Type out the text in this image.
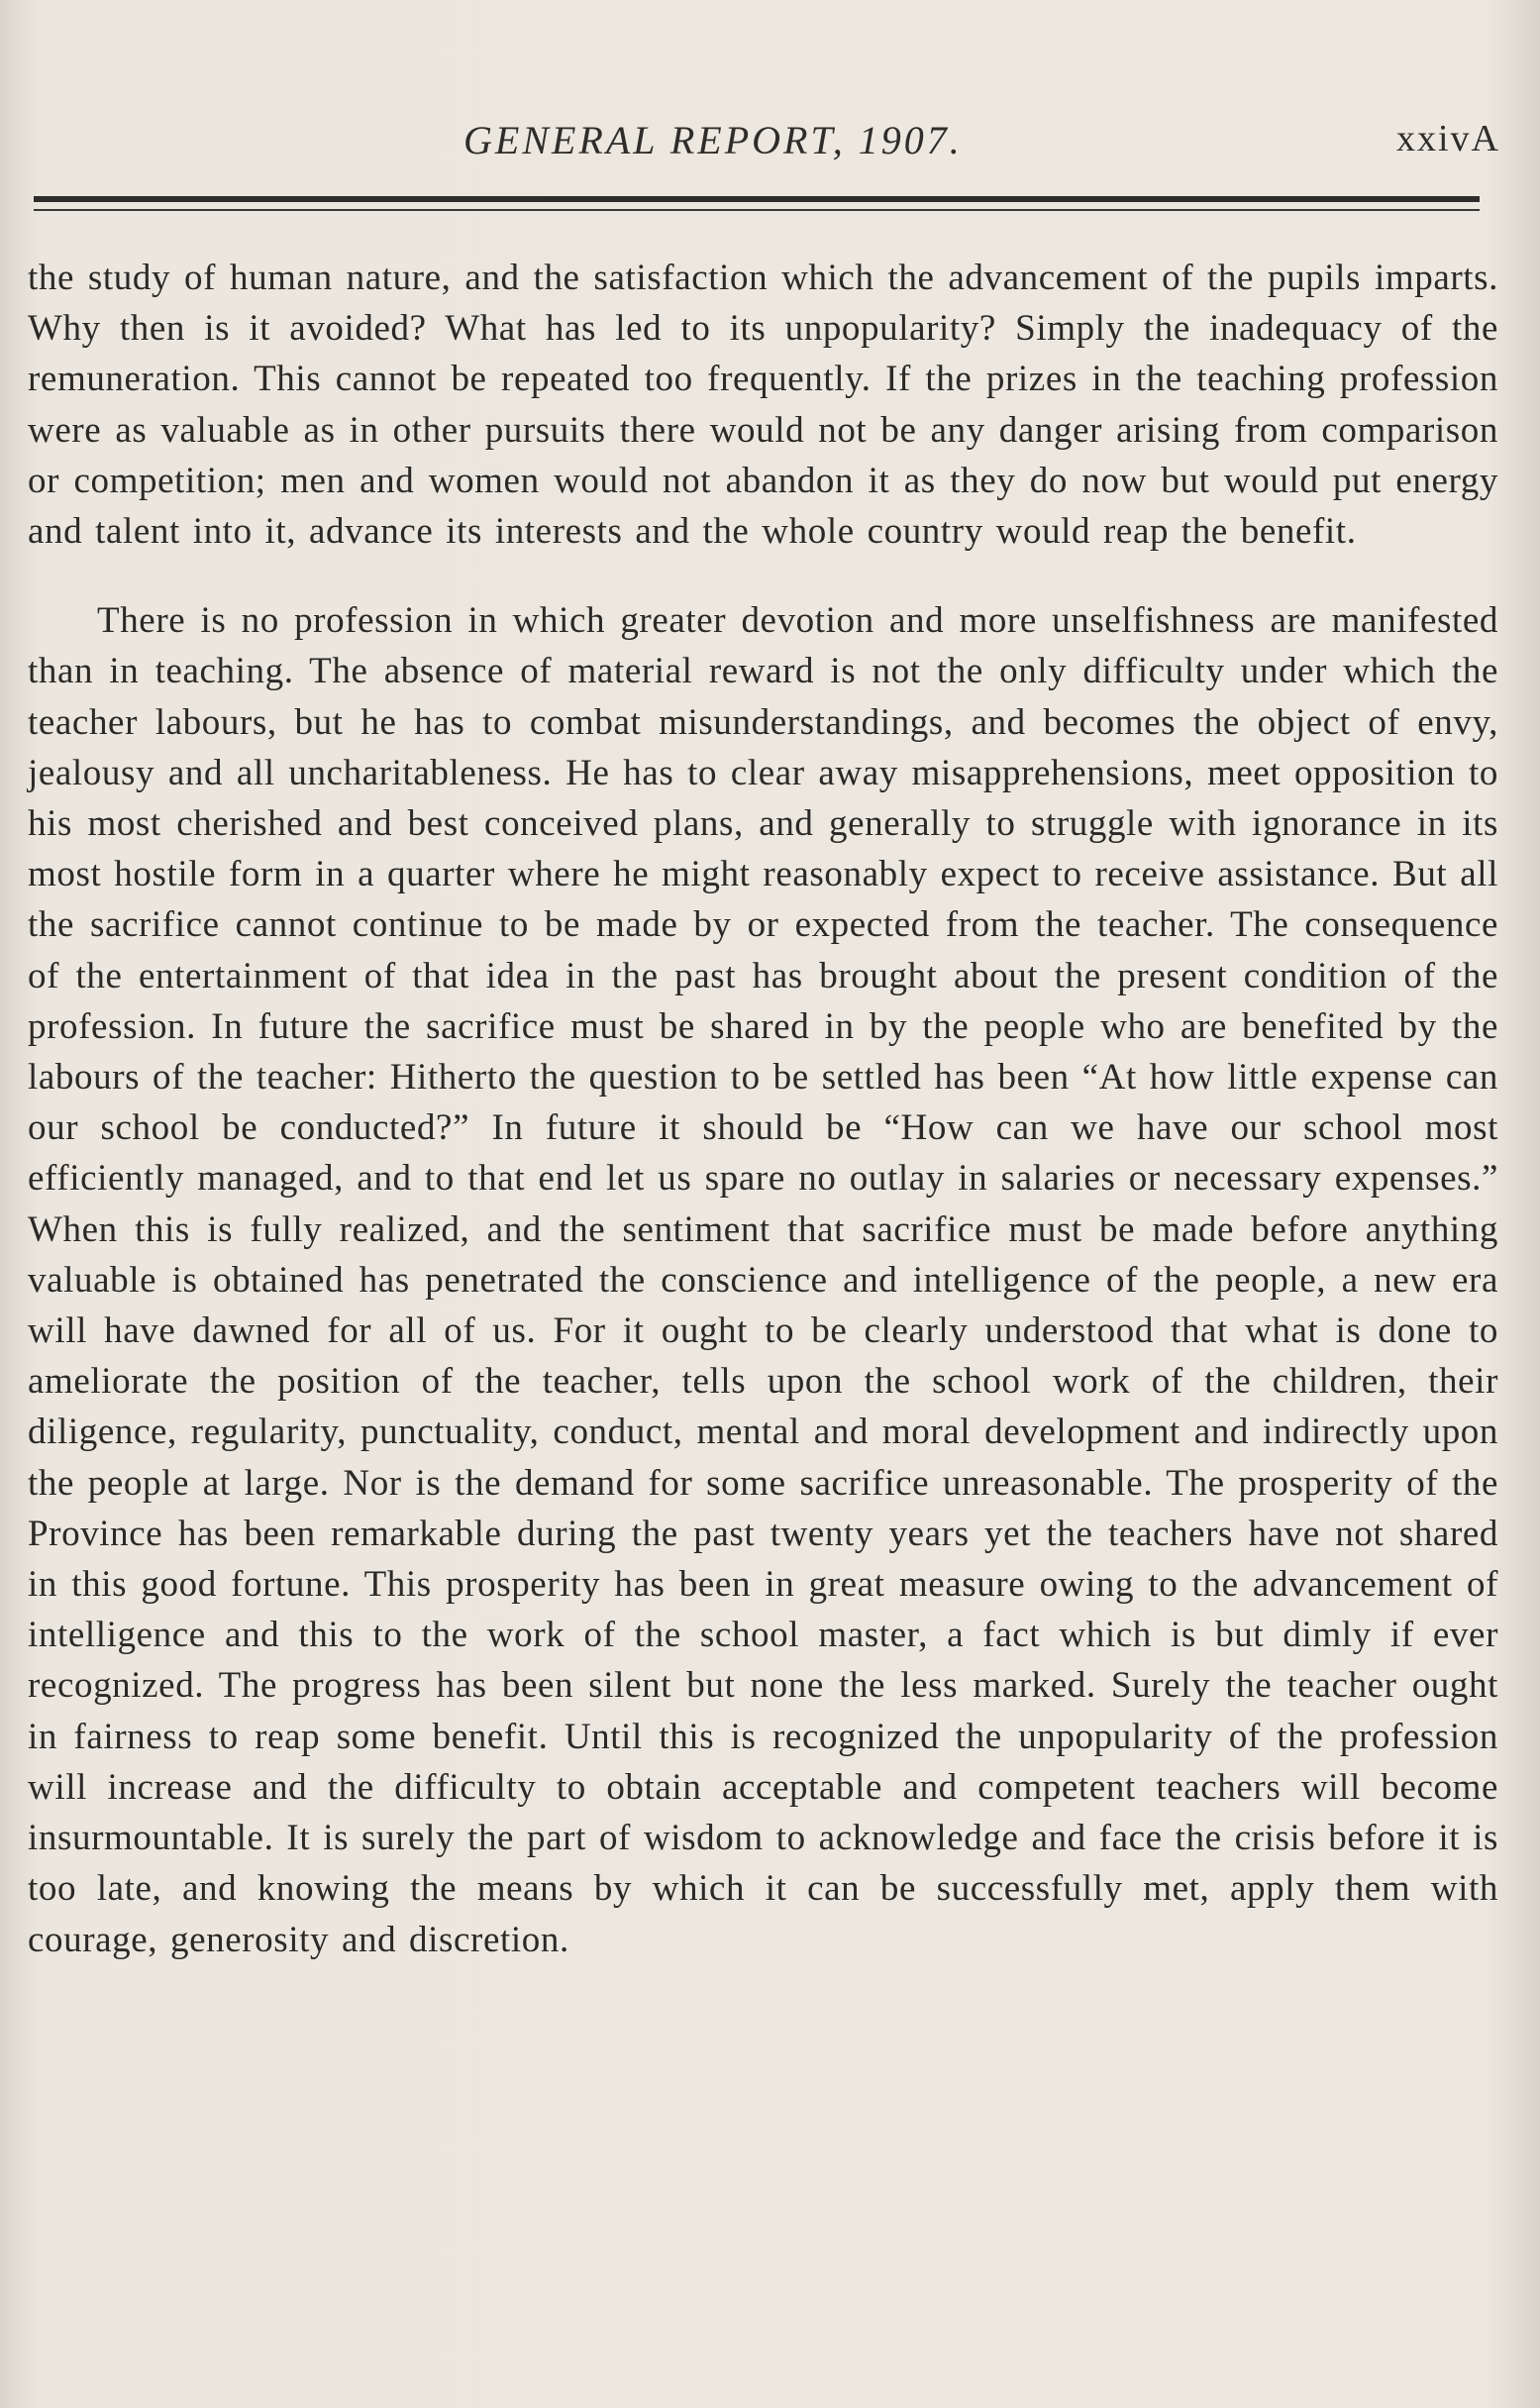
GENERAL REPORT, 1907.	xxivA

the study of human nature, and the satisfaction which the advancement of the pupils imparts. Why then is it avoided? What has led to its unpopularity? Simply the inadequacy of the remuneration. This cannot be repeated too frequently. If the prizes in the teaching profession were as valuable as in other pursuits there would not be any danger arising from comparison or competition; men and women would not abandon it as they do now but would put energy and talent into it, advance its interests and the whole country would reap the benefit.

There is no profession in which greater devotion and more unselfishness are manifested than in teaching. The absence of material reward is not the only difficulty under which the teacher labours, but he has to combat misunderstandings, and becomes the object of envy, jealousy and all uncharitableness. He has to clear away misapprehensions, meet opposition to his most cherished and best conceived plans, and generally to struggle with ignorance in its most hostile form in a quarter where he might reasonably expect to receive assistance. But all the sacrifice cannot continue to be made by or expected from the teacher. The consequence of the entertainment of that idea in the past has brought about the present condition of the profession. In future the sacrifice must be shared in by the people who are benefited by the labours of the teacher: Hitherto the question to be settled has been “At how little expense can our school be conducted?” In future it should be “How can we have our school most efficiently managed, and to that end let us spare no outlay in salaries or necessary expenses.” When this is fully realized, and the sentiment that sacrifice must be made before anything valuable is obtained has penetrated the conscience and intelligence of the people, a new era will have dawned for all of us. For it ought to be clearly understood that what is done to ameliorate the position of the teacher, tells upon the school work of the children, their diligence, regularity, punctuality, conduct, mental and moral development and indirectly upon the people at large. Nor is the demand for some sacrifice unreasonable. The prosperity of the Province has been remarkable during the past twenty years yet the teachers have not shared in this good fortune. This prosperity has been in great measure owing to the advancement of intelligence and this to the work of the school master, a fact which is but dimly if ever recognized. The progress has been silent but none the less marked. Surely the teacher ought in fairness to reap some benefit. Until this is recognized the unpopularity of the profession will increase and the difficulty to obtain acceptable and competent teachers will become insurmountable. It is surely the part of wisdom to acknowledge and face the crisis before it is too late, and knowing the means by which it can be successfully met, apply them with courage, generosity and discretion.
